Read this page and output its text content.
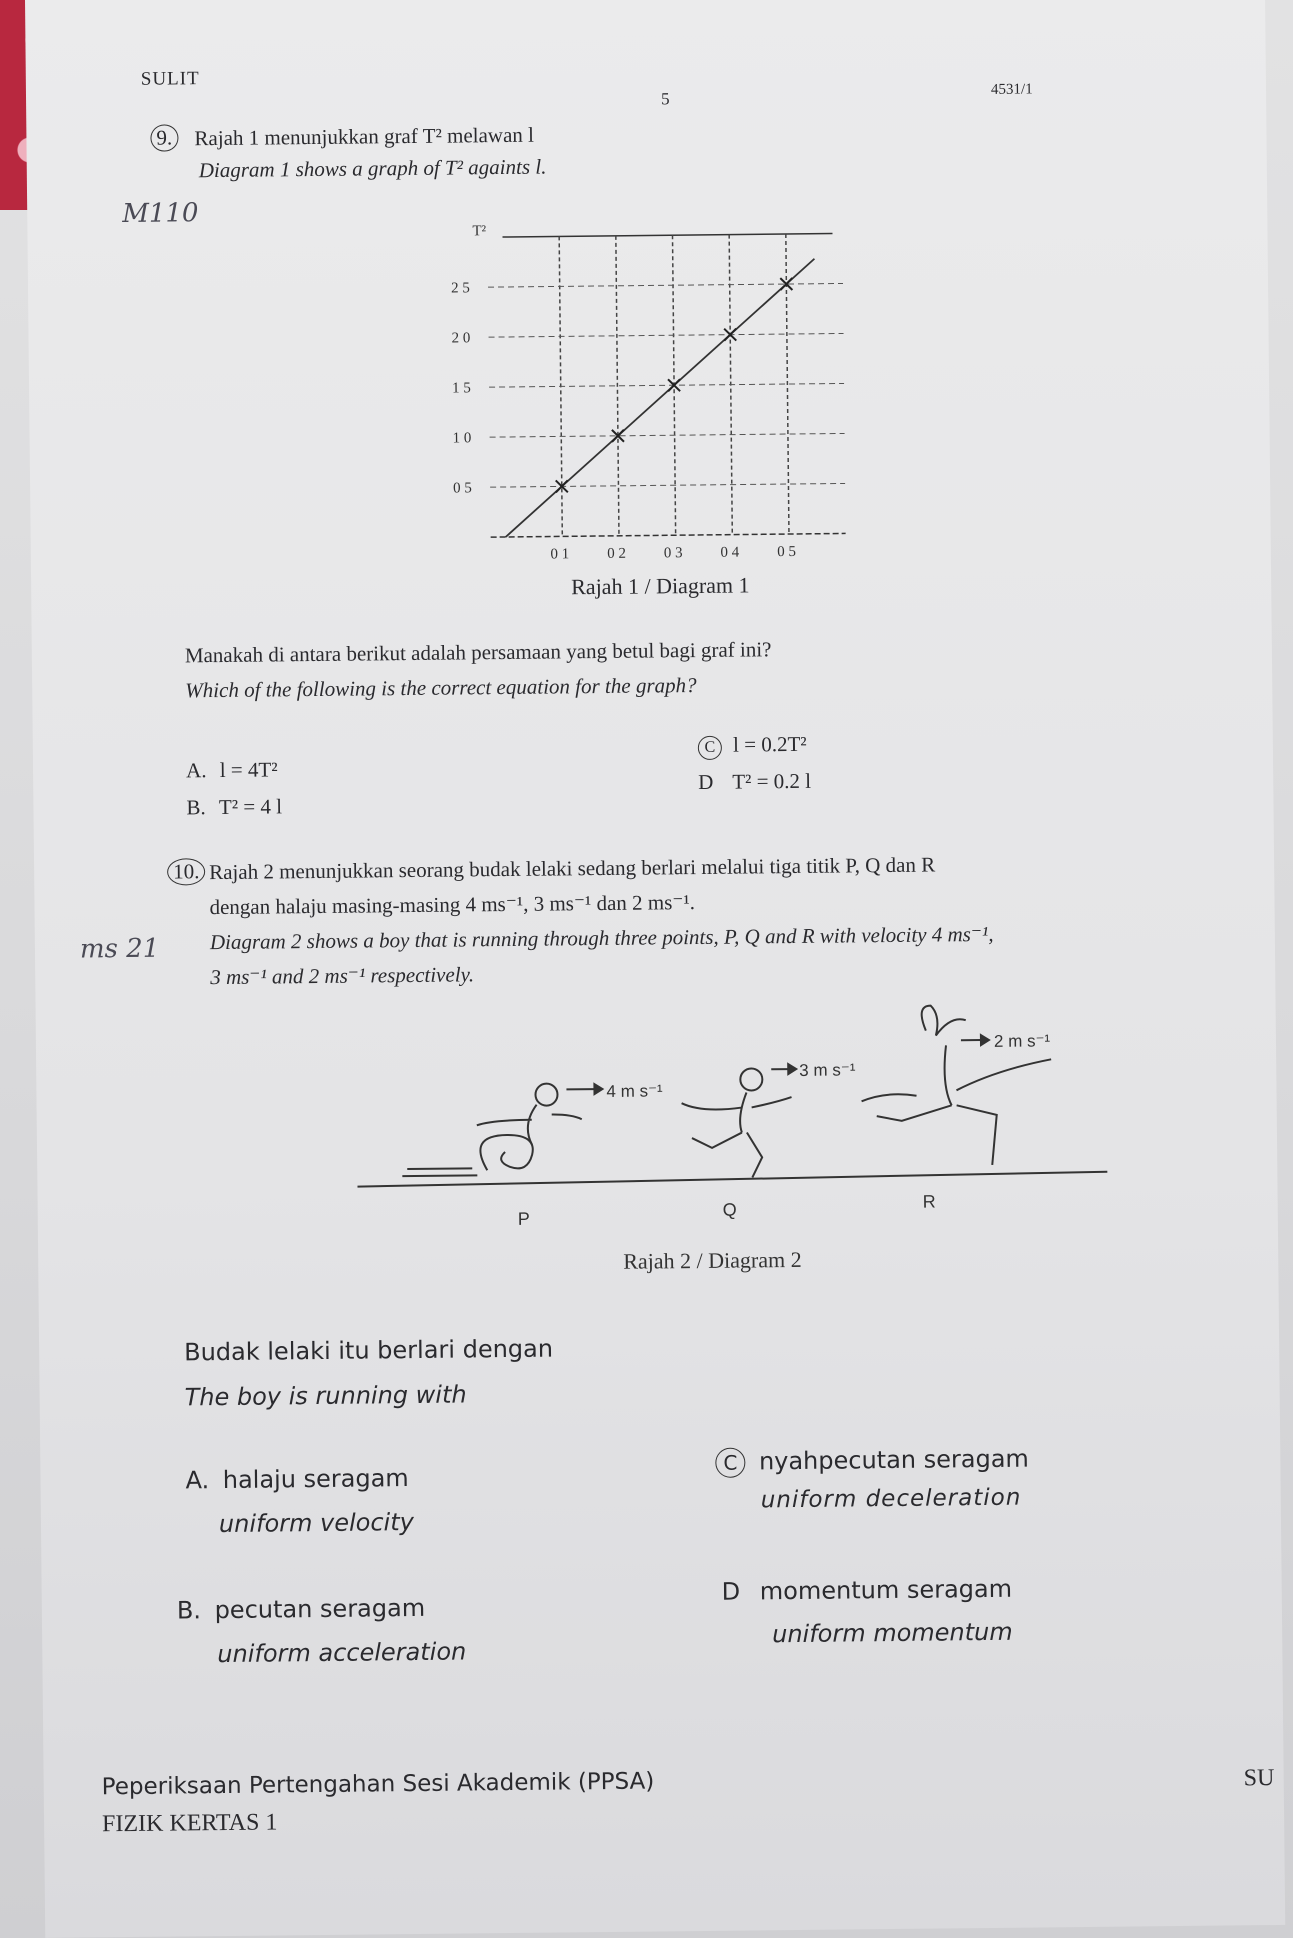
SULIT
5	4531/1
9. Rajah 1 menunjukkan graf T² melawan l
Diagram 1 shows a graph of T² againts l.
M110
T²
0 5
1 0
1 5
2 0
2 5
0 1	0 2	0 3	0 4	0 5
Rajah 1 / Diagram 1
Manakah di antara berikut adalah persamaan yang betul bagi graf ini?
Which of the following is the correct equation for the graph?
A. l = 4T²
B. T² = 4 l
C l = 0.2T²
D T² = 0.2 l
10. Rajah 2 menunjukkan seorang budak lelaki sedang berlari melalui tiga titik P, Q dan R
dengan halaju masing-masing 4 ms⁻¹, 3 ms⁻¹ dan 2 ms⁻¹.
Diagram 2 shows a boy that is running through three points, P, Q and R with velocity 4 ms⁻¹,
3 ms⁻¹ and 2 ms⁻¹ respectively.
ms 21
4 m s⁻¹
3 m s⁻¹
2 m s⁻¹
P	Q	R
Rajah 2 / Diagram 2
Budak lelaki itu berlari dengan
The boy is running with
A. halaju seragam
uniform velocity
B. pecutan seragam
uniform acceleration
C nyahpecutan seragam
uniform deceleration
D momentum seragam
uniform momentum
Peperiksaan Pertengahan Sesi Akademik (PPSA)
FIZIK KERTAS 1
SU
